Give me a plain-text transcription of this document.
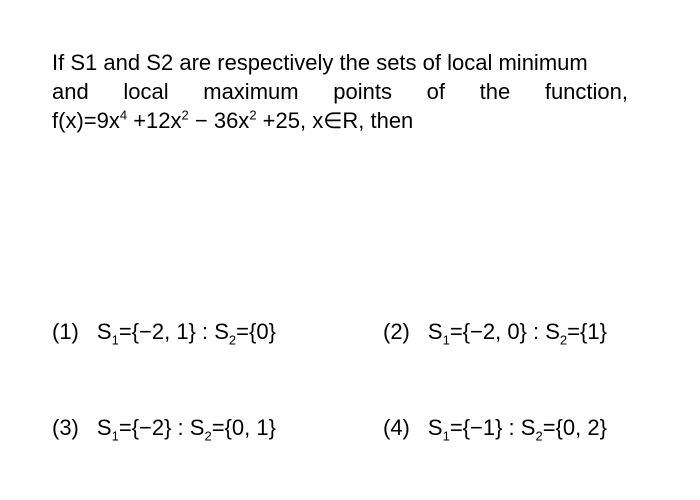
If S1 and S2 are respectively the sets of local minimum
and local maximum points of the function,
$f(x)=9x^4 +12x^2 - 36x^2 +25$, x∈R, then
(1) $S_1=\{-2$, 1} : $S_2=\{0\}$	(2) $S_1=\{-2$, 0} : $S_2=\{1\}$
(3) $S_1=\{-2\}$ : $S_2=\{0$, 1}	(4) $S_1=\{-1\}$ : $S_2=\{0$, 2}
